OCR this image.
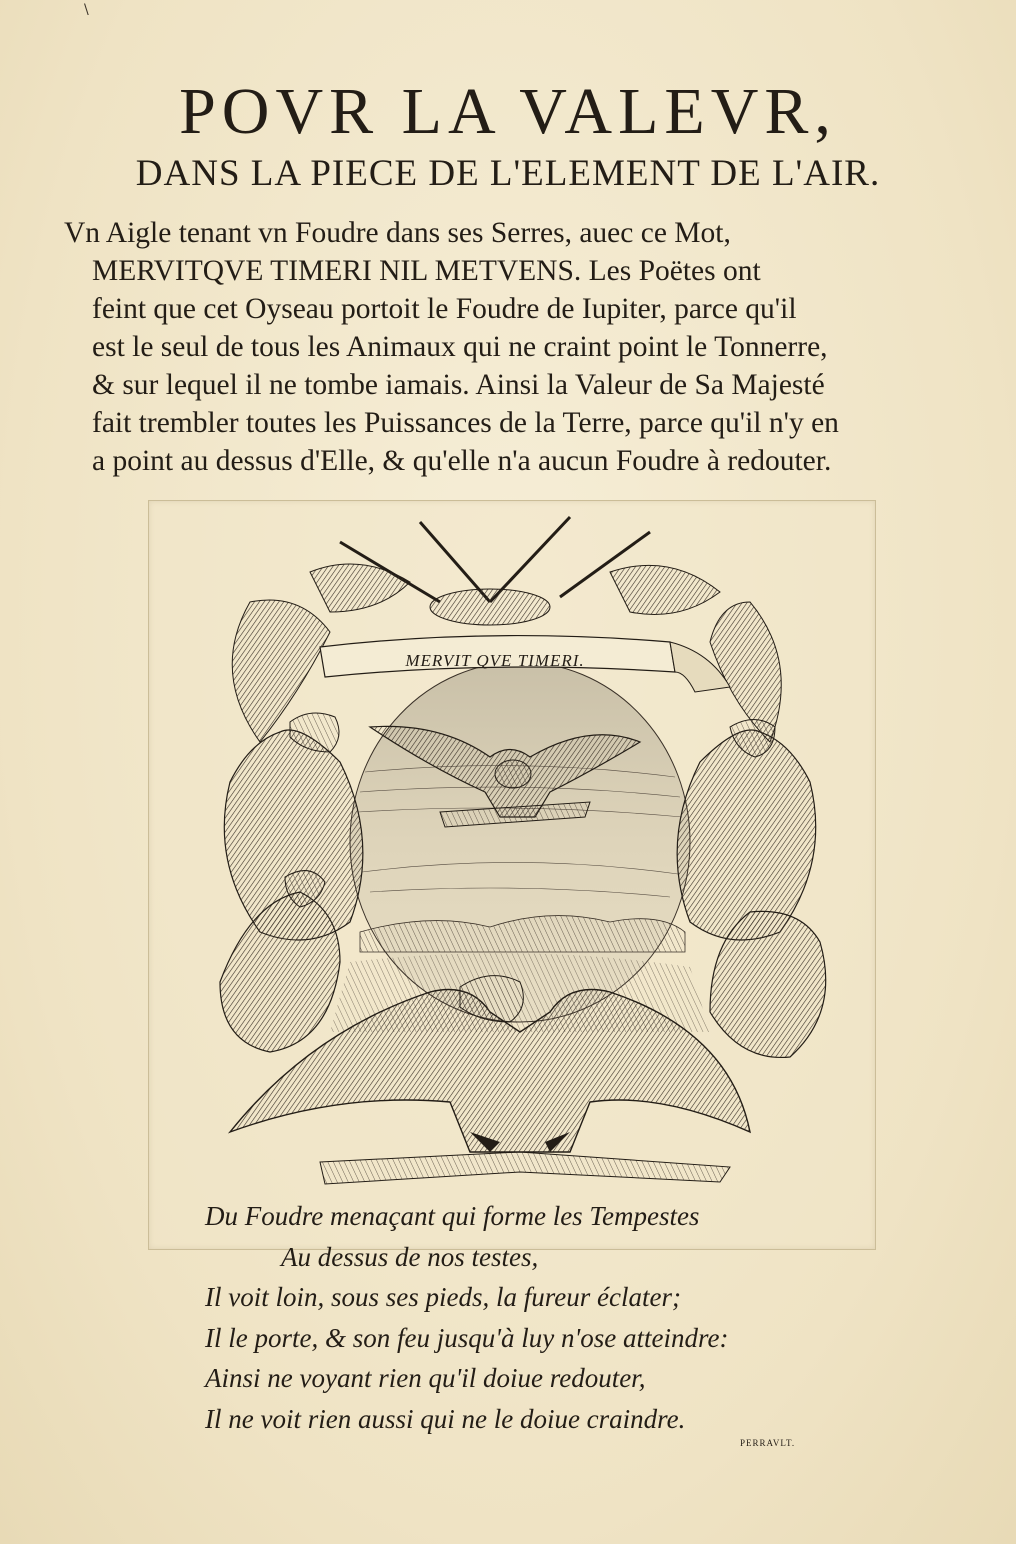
\
POVR LA VALEVR,
DANS LA PIECE DE L'ELEMENT DE L'AIR.
Vn Aigle tenant vn Foudre dans ses Serres, auec ce Mot,
MERVITQVE TIMERI NIL METVENS. Les Poëtes ont
feint que cet Oyseau portoit le Foudre de Iupiter, parce qu'il
est le seul de tous les Animaux qui ne craint point le Tonnerre,
& sur lequel il ne tombe iamais. Ainsi la Valeur de Sa Majesté
fait trembler toutes les Puissances de la Terre, parce qu'il n'y en
a point au dessus d'Elle, & qu'elle n'a aucun Foudre à redouter.
MERVIT QVE TIMERI.
Du Foudre menaçant qui forme les Tempestes
Au dessus de nos testes,
Il voit loin, sous ses pieds, la fureur éclater;
Il le porte, & son feu jusqu'à luy n'ose atteindre:
Ainsi ne voyant rien qu'il doiue redouter,
Il ne voit rien aussi qui ne le doiue craindre.
PERRAVLT.
